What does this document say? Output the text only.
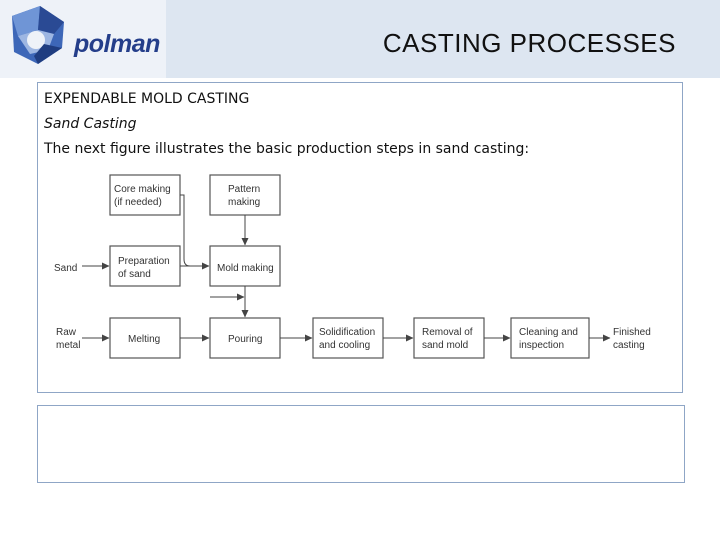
polman	CASTING PROCESSES
EXPENDABLE MOLD CASTING
Sand Casting
The next figure illustrates the basic production steps in sand casting:
Core making
(if needed)
Pattern
making
Preparation
of sand
Mold making
Melting	Pouring
Solidification
and cooling
Removal of
sand mold
Cleaning and
inspection
Sand
Raw
metal
Finished
casting
